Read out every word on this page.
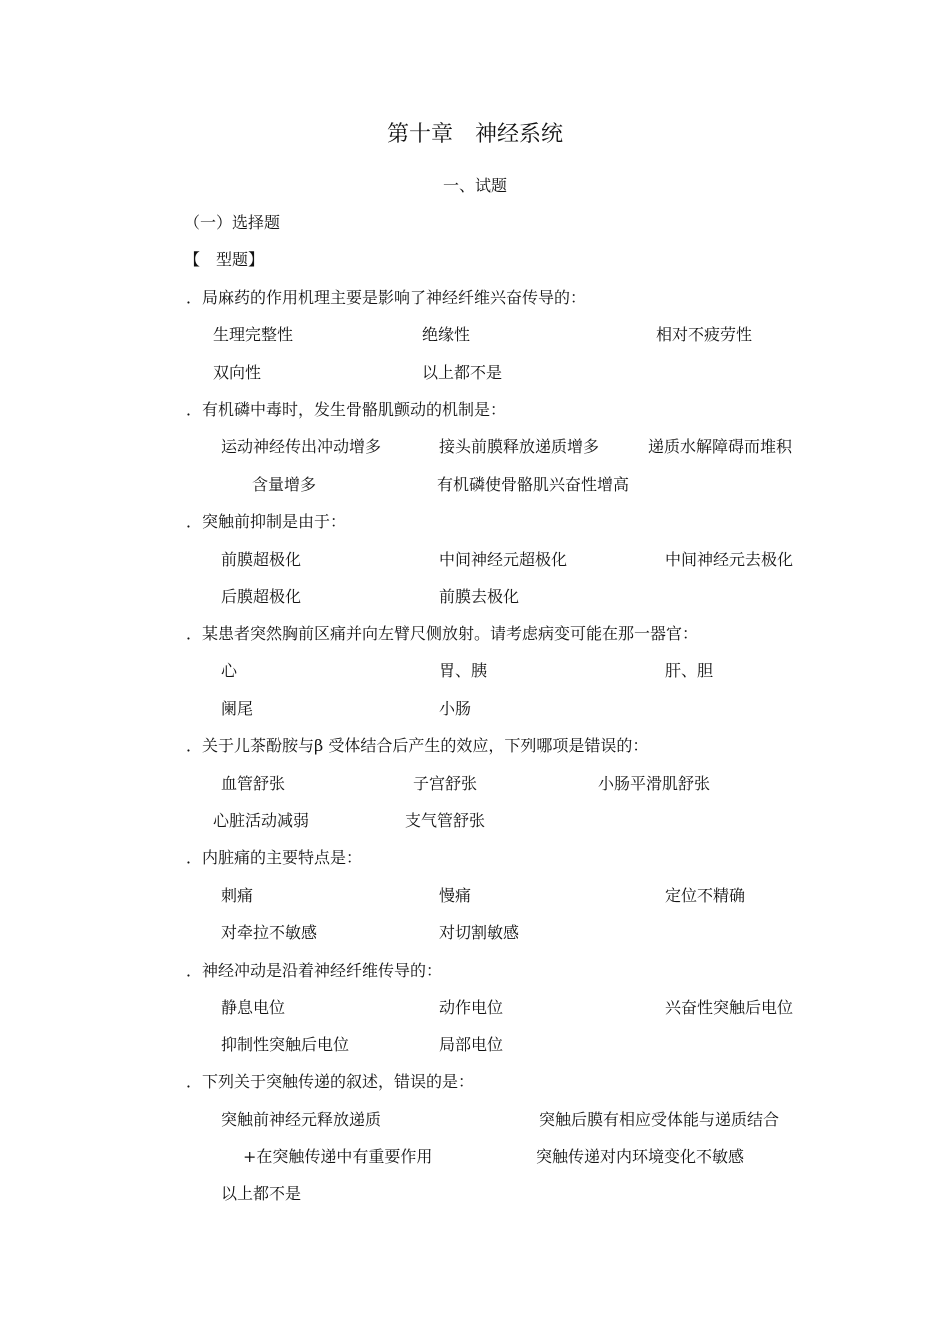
第十章　神经系统
一、试题
（一）选择题
【　型题】
．局麻药的作用机理主要是影响了神经纤维兴奋传导的：
生理完整性	绝缘性	相对不疲劳性
双向性	以上都不是
．有机磷中毒时，发生骨骼肌颤动的机制是：
运动神经传出冲动增多	接头前膜释放递质增多	递质水解障碍而堆积
含量增多	有机磷使骨骼肌兴奋性增高
．突触前抑制是由于：
前膜超极化	中间神经元超极化	中间神经元去极化
后膜超极化	前膜去极化
．某患者突然胸前区痛并向左臂尺侧放射。请考虑病变可能在那一器官：
心	胃、胰	肝、胆
阑尾	小肠
．关于儿茶酚胺与β 受体结合后产生的效应，下列哪项是错误的：
血管舒张	子宫舒张	小肠平滑肌舒张
心脏活动减弱	支气管舒张
．内脏痛的主要特点是：
刺痛	慢痛	定位不精确
对牵拉不敏感	对切割敏感
．神经冲动是沿着神经纤维传导的：
静息电位	动作电位	兴奋性突触后电位
抑制性突触后电位	局部电位
．下列关于突触传递的叙述，错误的是：
突触前神经元释放递质	突触后膜有相应受体能与递质结合
+在突触传递中有重要作用	突触传递对内环境变化不敏感
以上都不是
